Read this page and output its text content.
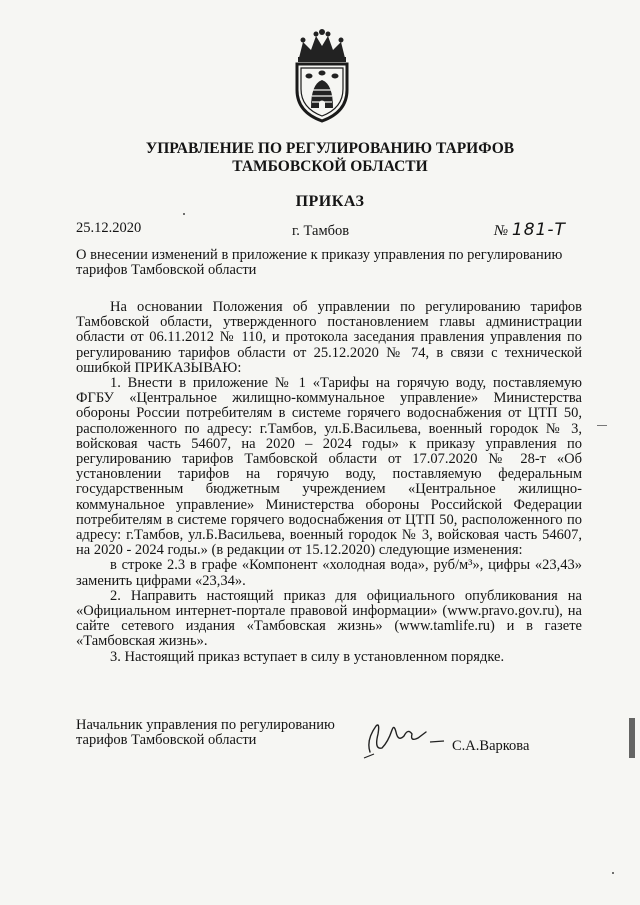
УПРАВЛЕНИЕ ПО РЕГУЛИРОВАНИЮ ТАРИФОВ
ТАМБОВСКОЙ ОБЛАСТИ
ПРИКАЗ
25.12.2020	г. Тамбов	№ 181-Т
О внесении изменений в приложение к приказу управления по регулированию
тарифов Тамбовской области

На основании Положения об управлении по регулированию тарифов Тамбовской области, утвержденного постановлением главы администрации области от 06.11.2012 № 110, и протокола заседания правления управления по регулированию тарифов области от 25.12.2020 № 74, в связи с технической ошибкой ПРИКАЗЫВАЮ:

1. Внести в приложение № 1 «Тарифы на горячую воду, поставляемую ФГБУ «Центральное жилищно-коммунальное управление» Министерства обороны России потребителям в системе горячего водоснабжения от ЦТП 50, расположенного по адресу: г.Тамбов, ул.Б.Васильева, военный городок № 3, войсковая часть 54607, на 2020 – 2024 годы» к приказу управления по регулированию тарифов Тамбовской области от 17.07.2020 № 28-т «Об установлении тарифов на горячую воду, поставляемую федеральным государственным бюджетным учреждением «Центральное жилищно-коммунальное управление» Министерства обороны Российской Федерации потребителям в системе горячего водоснабжения от ЦТП 50, расположенного по адресу: г.Тамбов, ул.Б.Васильева, военный городок № 3, войсковая часть 54607, на 2020 - 2024 годы.» (в редакции от 15.12.2020) следующие изменения:

в строке 2.3 в графе «Компонент «холодная вода», руб/м³», цифры «23,43» заменить цифрами «23,34».

2. Направить настоящий приказ для официального опубликования на «Официальном интернет-портале правовой информации» (www.pravo.gov.ru), на сайте сетевого издания «Тамбовская жизнь» (www.tamlife.ru) и в газете «Тамбовская жизнь».

3. Настоящий приказ вступает в силу в установленном порядке.

Начальник управления по регулированию
тарифов Тамбовской области	С.А.Варкова
